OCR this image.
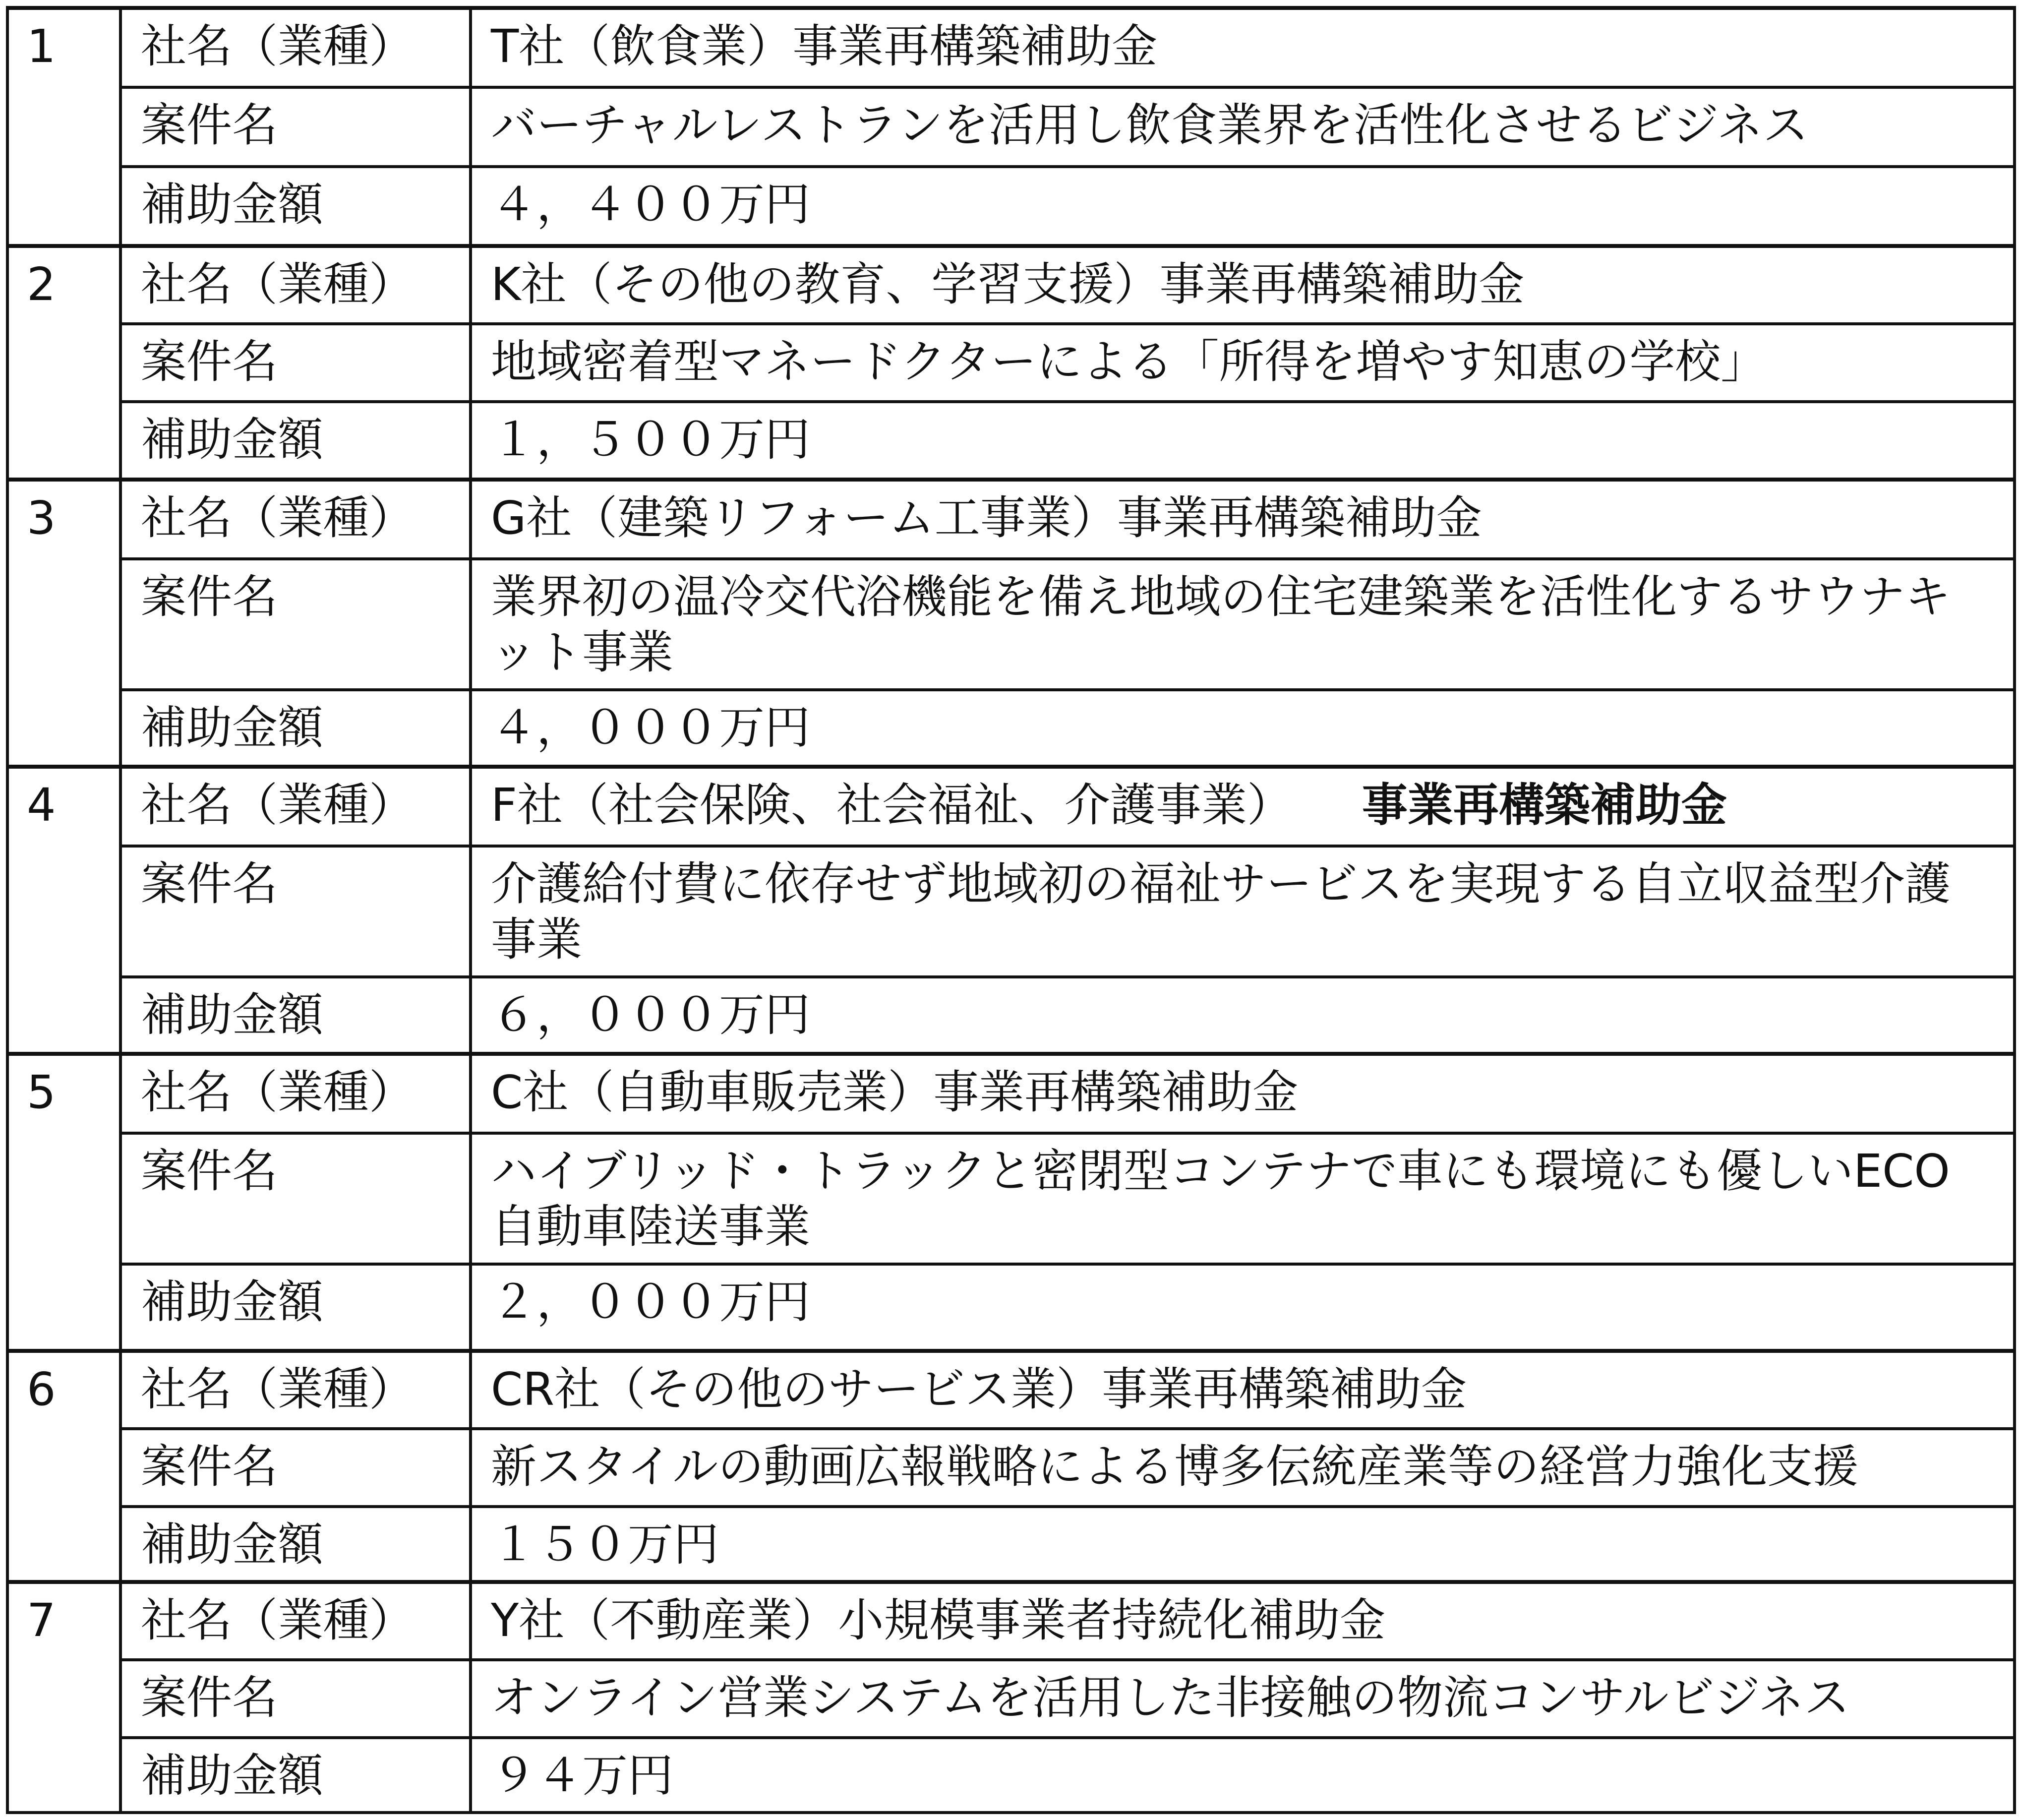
1	社名（業種）	T社（飲食業）事業再構築補助金
	案件名	バーチャルレストランを活用し飲食業界を活性化させるビジネス
	補助金額	４，４００万円
2	社名（業種）	K社（その他の教育、学習支援）事業再構築補助金
	案件名	地域密着型マネードクターによる「所得を増やす知恵の学校」
	補助金額	１，５００万円
3	社名（業種）	G社（建築リフォーム工事業）事業再構築補助金
	案件名	業界初の温冷交代浴機能を備え地域の住宅建築業を活性化するサウナキット事業
	補助金額	４，０００万円
4	社名（業種）	F社（社会保険、社会福祉、介護事業） 事業再構築補助金
	案件名	介護給付費に依存せず地域初の福祉サービスを実現する自立収益型介護事業
	補助金額	６，０００万円
5	社名（業種）	C社（自動車販売業）事業再構築補助金
	案件名	ハイブリッド・トラックと密閉型コンテナで車にも環境にも優しいECO自動車陸送事業
	補助金額	２，０００万円
6	社名（業種）	CR社（その他のサービス業）事業再構築補助金
	案件名	新スタイルの動画広報戦略による博多伝統産業等の経営力強化支援
	補助金額	１５０万円
7	社名（業種）	Y社（不動産業）小規模事業者持続化補助金
	案件名	オンライン営業システムを活用した非接触の物流コンサルビジネス
	補助金額	９４万円
